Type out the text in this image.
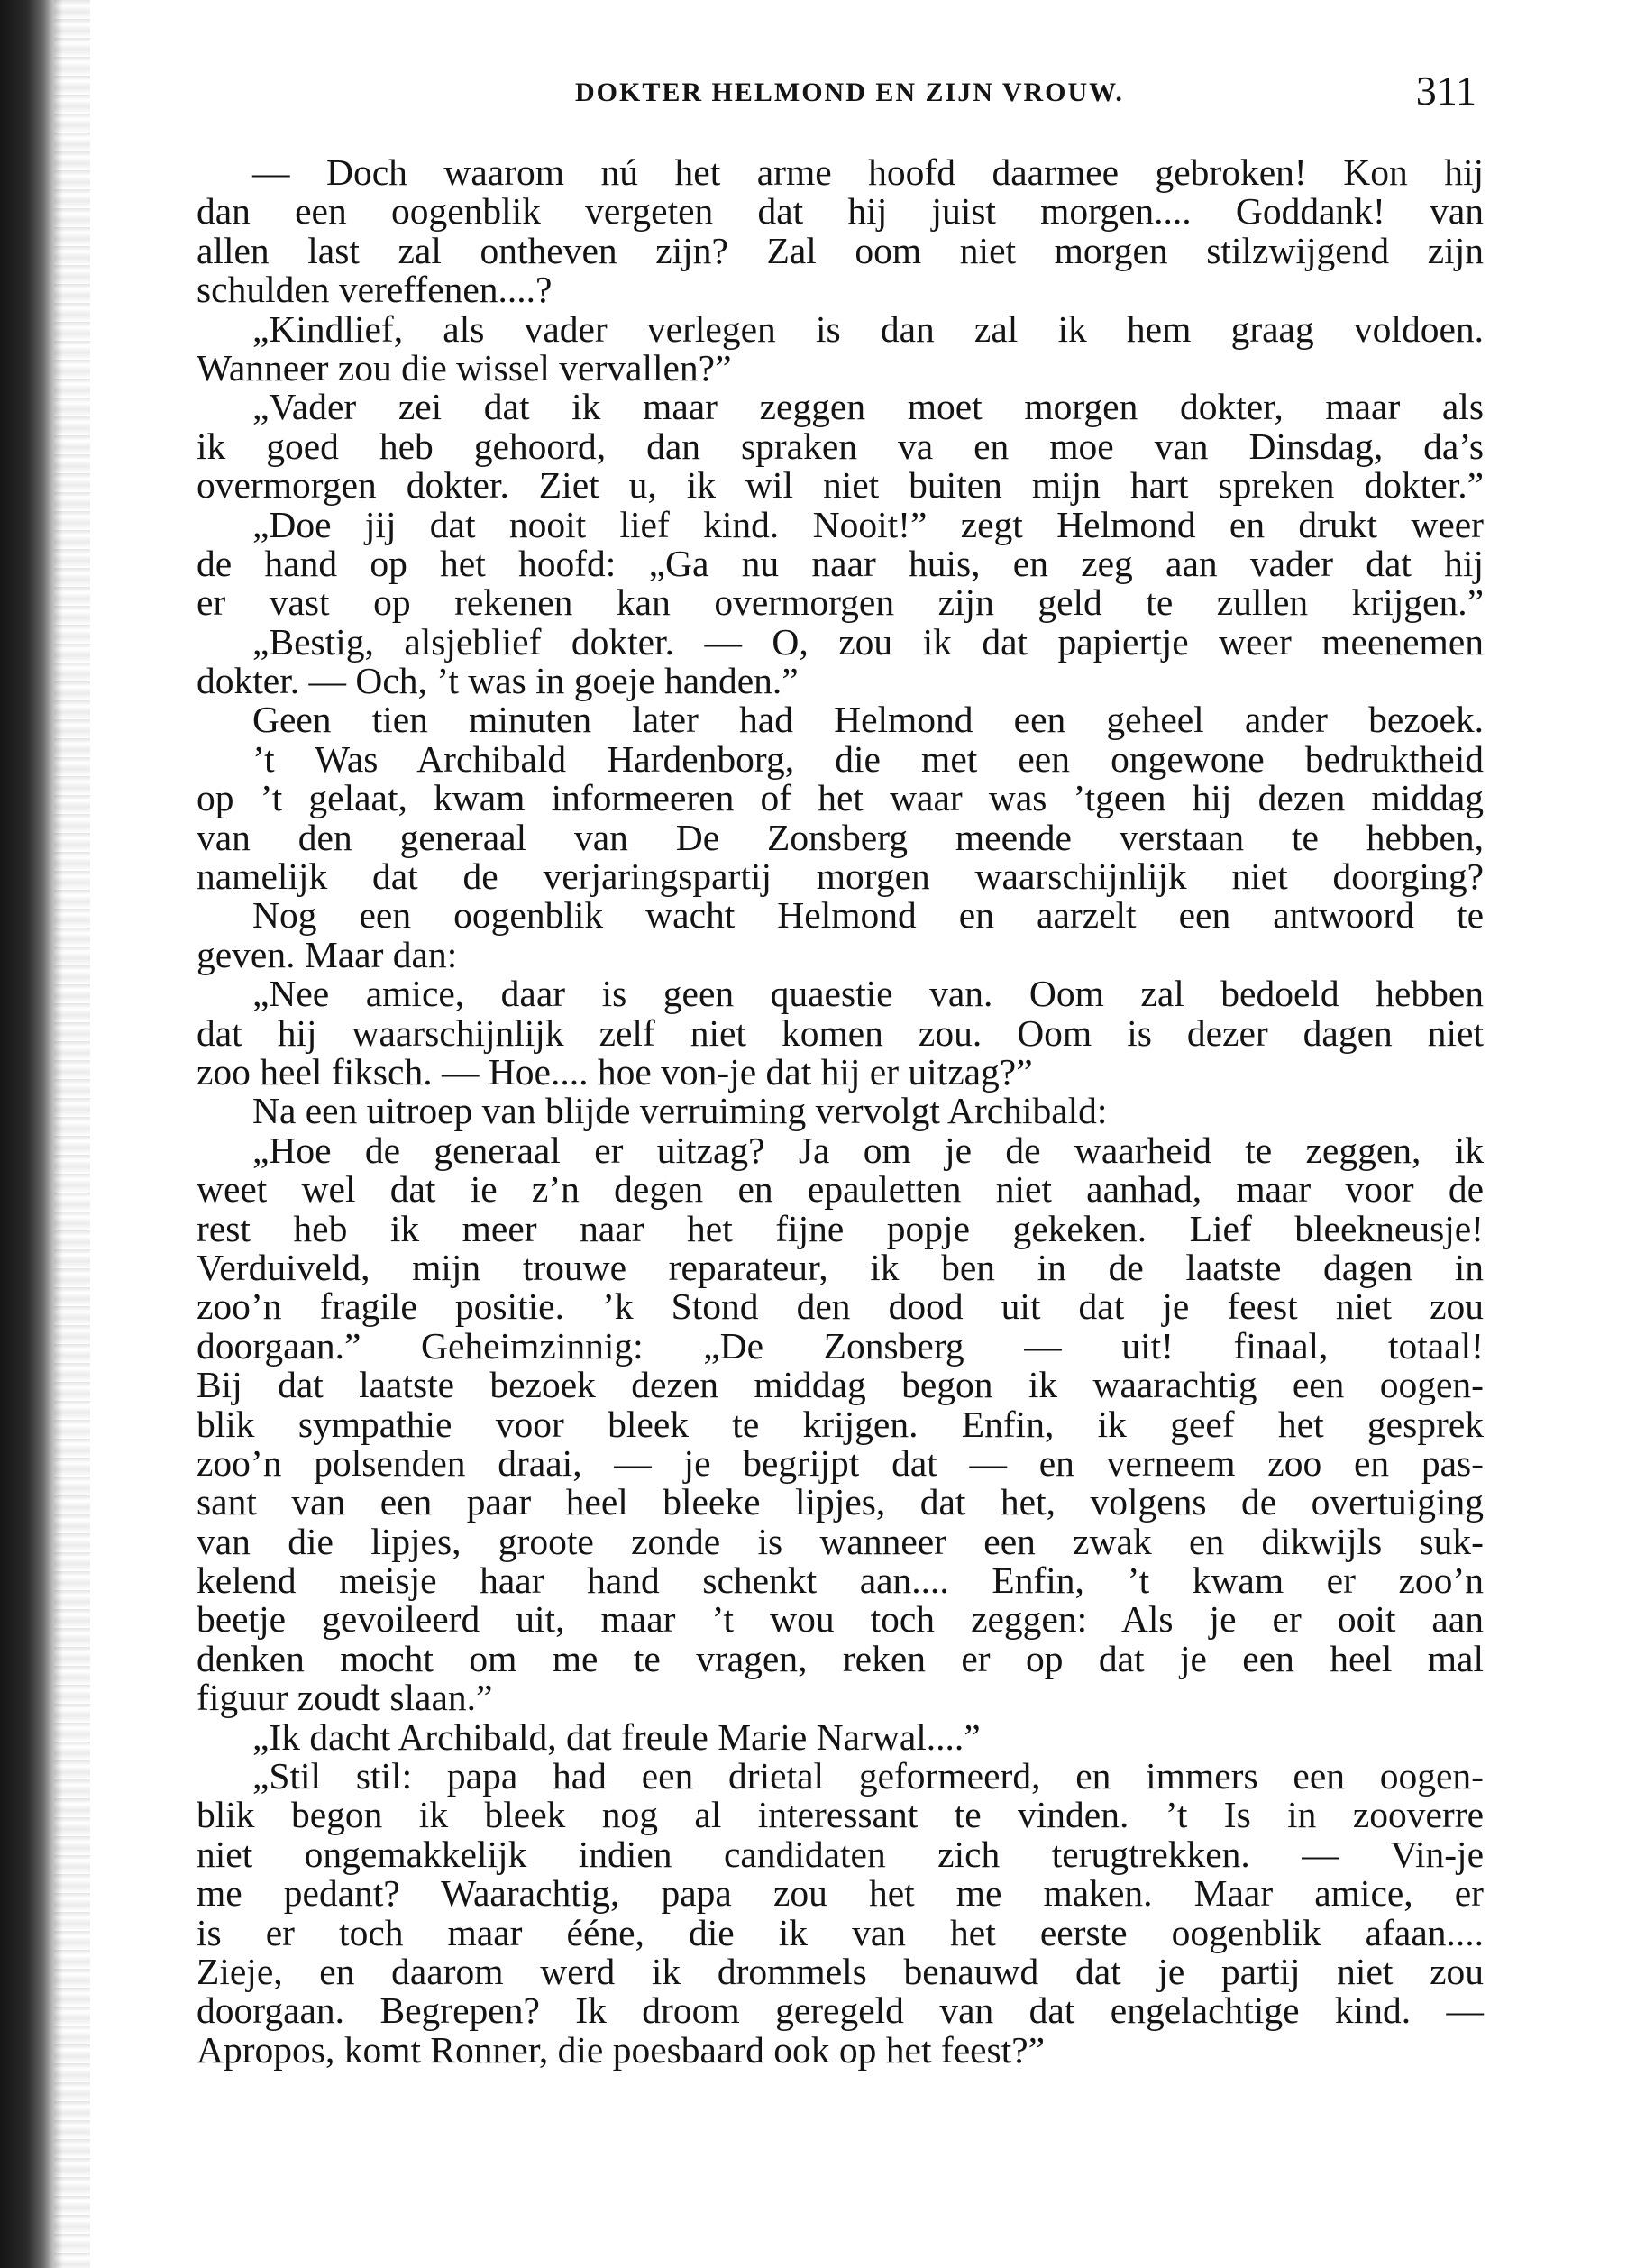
DOKTER HELMOND EN ZIJN VROUW.	311

— Doch waarom nú het arme hoofd daarmee gebroken! Kon hij

dan een oogenblik vergeten dat hij juist morgen.... Goddank! van

allen last zal ontheven zijn? Zal oom niet morgen stilzwijgend zijn

schulden vereffenen....?

„Kindlief, als vader verlegen is dan zal ik hem graag voldoen.

Wanneer zou die wissel vervallen?”

„Vader zei dat ik maar zeggen moet morgen dokter, maar als

ik goed heb gehoord, dan spraken va en moe van Dinsdag, da’s

overmorgen dokter. Ziet u, ik wil niet buiten mijn hart spreken dokter.”

„Doe jij dat nooit lief kind. Nooit!” zegt Helmond en drukt weer

de hand op het hoofd: „Ga nu naar huis, en zeg aan vader dat hij

er vast op rekenen kan overmorgen zijn geld te zullen krijgen.”

„Bestig, alsjeblief dokter. — O, zou ik dat papiertje weer meenemen

dokter. — Och, ’t was in goeje handen.”

Geen tien minuten later had Helmond een geheel ander bezoek.

’t Was Archibald Hardenborg, die met een ongewone bedruktheid

op ’t gelaat, kwam informeeren of het waar was ’tgeen hij dezen middag

van den generaal van De Zonsberg meende verstaan te hebben,

namelijk dat de verjaringspartij morgen waarschijnlijk niet doorging?

Nog een oogenblik wacht Helmond en aarzelt een antwoord te

geven. Maar dan:

„Nee amice, daar is geen quaestie van. Oom zal bedoeld hebben

dat hij waarschijnlijk zelf niet komen zou. Oom is dezer dagen niet

zoo heel fiksch. — Hoe.... hoe von-je dat hij er uitzag?”

Na een uitroep van blijde verruiming vervolgt Archibald:

„Hoe de generaal er uitzag? Ja om je de waarheid te zeggen, ik

weet wel dat ie z’n degen en epauletten niet aanhad, maar voor de

rest heb ik meer naar het fijne popje gekeken. Lief bleekneusje!

Verduiveld, mijn trouwe reparateur, ik ben in de laatste dagen in

zoo’n fragile positie. ’k Stond den dood uit dat je feest niet zou

doorgaan.” Geheimzinnig: „De Zonsberg — uit! finaal, totaal!

Bij dat laatste bezoek dezen middag begon ik waarachtig een oogen-

blik sympathie voor bleek te krijgen. Enfin, ik geef het gesprek

zoo’n polsenden draai, — je begrijpt dat — en verneem zoo en pas-

sant van een paar heel bleeke lipjes, dat het, volgens de overtuiging

van die lipjes, groote zonde is wanneer een zwak en dikwijls suk-

kelend meisje haar hand schenkt aan.... Enfin, ’t kwam er zoo’n

beetje gevoileerd uit, maar ’t wou toch zeggen: Als je er ooit aan

denken mocht om me te vragen, reken er op dat je een heel mal

figuur zoudt slaan.”

„Ik dacht Archibald, dat freule Marie Narwal....”

„Stil stil: papa had een drietal geformeerd, en immers een oogen-

blik begon ik bleek nog al interessant te vinden. ’t Is in zooverre

niet ongemakkelijk indien candidaten zich terugtrekken. — Vin-je

me pedant? Waarachtig, papa zou het me maken. Maar amice, er

is er toch maar ééne, die ik van het eerste oogenblik afaan....

Zieje, en daarom werd ik drommels benauwd dat je partij niet zou

doorgaan. Begrepen? Ik droom geregeld van dat engelachtige kind. —

Apropos, komt Ronner, die poesbaard ook op het feest?”
